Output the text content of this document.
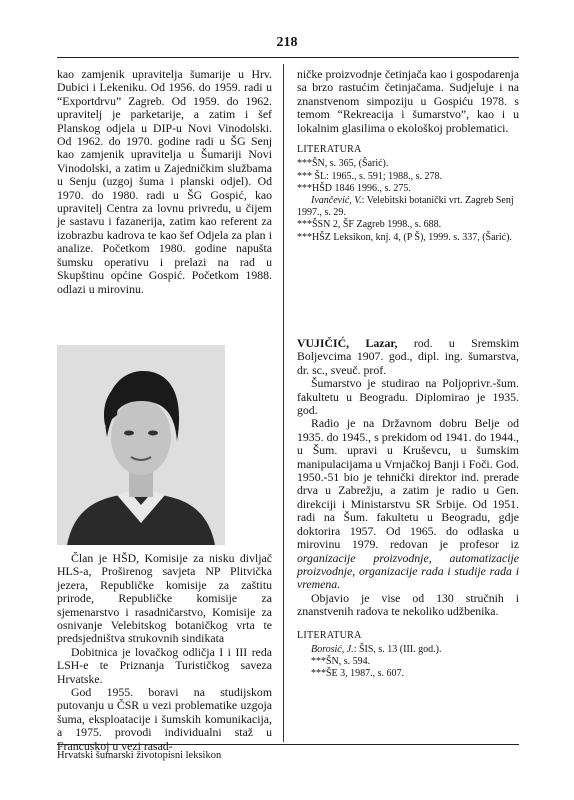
218

kao zamjenik upravitelja šumarije u Hrv. Dubici i Lekeniku. Od 1956. do 1959. radi u “Exportdrvu” Zagreb. Od 1959. do 1962. upravitelj je parketarije, a zatim i šef Planskog odjela u DIP-u Novi Vinodolski. Od 1962. do 1970. godine radi u ŠG Senj kao zamjenik upravitelja u Šumariji Novi Vinodolski, a zatim u Zajedničkim službama u Senju (uzgoj šuma i planski odjel). Od 1970. do 1980. radi u ŠG Gospić, kao upravitelj Centra za lovnu privredu, u čijem je sastavu i fazanerija, zatim kao referent za izobrazbu kadrova te kao šef Odjela za plan i analize. Početkom 1980. godine napušta šumsku operativu i prelazi na rad u Skupštinu općine Gospić. Početkom 1988. odlazi u mirovinu.

Član je HŠD, Komisije za nisku divljač HLS-a, Proširenog savjeta NP Plitvička jezera, Republičke komisije za zaštitu prirode, Republičke komisije za sjemenarstvo i rasadničarstvo, Komisije za osnivanje Velebitskog botaničkog vrta te predsjedništva strukovnih sindikata

Dobitnica je lovačkog odličja I i III reda LSH-e te Priznanja Turističkog saveza Hrvatske.

God 1955. boravi na studijskom putovanju u ČSR u vezi problematike uzgoja šuma, eksploatacije i šumskih komunikacija, a 1975. provodi individualni staž u Francuskoj u vezi rasad-

ničke proizvodnje četinjača kao i gospodarenja sa brzo rastućim četinjačama. Sudjeluje i na znanstvenom simpoziju u Gospiću 1978. s temom “Rekreacija i šumarstvo”, kao i u lokalnim glasilima o ekološkoj problematici.

LITERATURA

***ŠN, s. 365, (Šarić).

*** ŠL: 1965., s. 591; 1988., s. 278.

***HŠD 1846 1996., s. 275.

Ivančević, V.: Velebitski botanički vrt. Zagreb Senj 1997., s. 29.

***ŠSN 2, ŠF Zagreb 1998., s. 688.

***HŠZ Leksikon, knj. 4, (P Š), 1999. s. 337, (Šarić).

VUJIČIĆ, Lazar, rod. u Sremskim Boljevcima 1907. god., dipl. ing. šumarstva, dr. sc., sveuč. prof.

Šumarstvo je studirao na Poljoprivr.-šum. fakultetu u Beogradu. Diplomirao je 1935. god.

Radio je na Državnom dobru Belje od 1935. do 1945., s prekidom od 1941. do 1944., u Šum. upravi u Kruševcu, u šumskim manipulacijama u Vrnjačkoj Banji i Foči. God. 1950.-51 bio je tehnički direktor ind. prerade drva u Zabrežju, a zatim je radio u Gen. direkciji i Ministarstvu SR Srbije. Od 1951. radi na Šum. fakultetu u Beogradu, gdje doktorira 1957. Od 1965. do odlaska u mirovinu 1979. redovan je profesor iz organizacije proizvodnje, automatizacije proizvodnje, organizacije rada i studije rada i vremena.

Objavio je vise od 130 stručnih i znanstvenih radova te nekoliko udžbenika.

LITERATURA

Borosić, J.: ŠIS, s. 13 (III. god.).

***ŠN, s. 594.

***ŠE 3, 1987., s. 607.

Hrvatski šumarski životopisni leksikon
